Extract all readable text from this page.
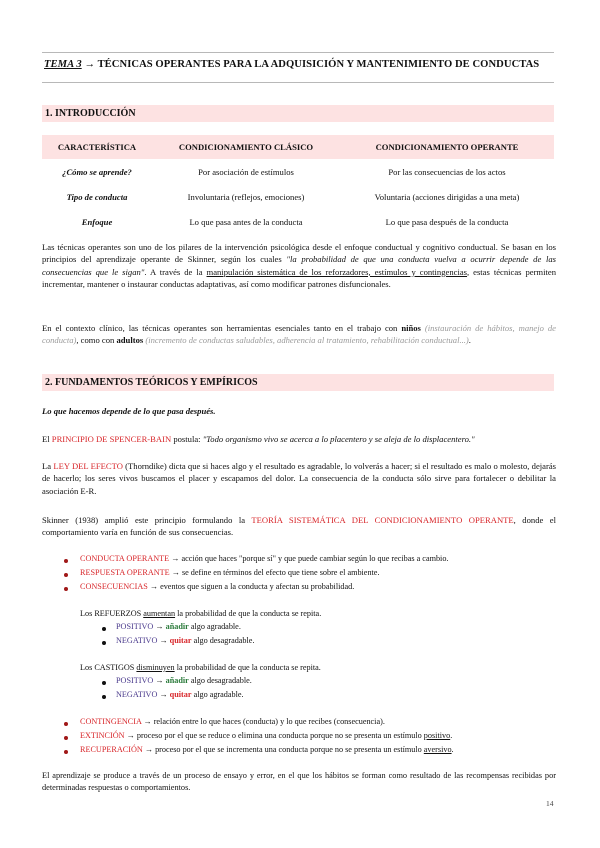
TEMA 3 → TÉCNICAS OPERANTES PARA LA ADQUISICIÓN Y MANTENIMIENTO DE CONDUCTAS
1. INTRODUCCIÓN
CARACTERÍSTICA	CONDICIONAMIENTO CLÁSICO	CONDICIONAMIENTO OPERANTE
¿Cómo se aprende?	Por asociación de estímulos	Por las consecuencias de los actos
Tipo de conducta	Involuntaria (reflejos, emociones)	Voluntaria (acciones dirigidas a una meta)
Enfoque	Lo que pasa antes de la conducta	Lo que pasa después de la conducta
Las técnicas operantes son uno de los pilares de la intervención psicológica desde el enfoque conductual y cognitivo conductual. Se basan en los principios del aprendizaje operante de Skinner, según los cuales "la probabilidad de que una conducta vuelva a ocurrir depende de las consecuencias que le sigan". A través de la manipulación sistemática de los reforzadores, estímulos y contingencias, estas técnicas permiten incrementar, mantener o instaurar conductas adaptativas, así como modificar patrones disfuncionales.
En el contexto clínico, las técnicas operantes son herramientas esenciales tanto en el trabajo con niños (instauración de hábitos, manejo de conducta), como con adultos (incremento de conductas saludables, adherencia al tratamiento, rehabilitación conductual...).
2. FUNDAMENTOS TEÓRICOS Y EMPÍRICOS
Lo que hacemos depende de lo que pasa después.
El PRINCIPIO DE SPENCER-BAIN postula: "Todo organismo vivo se acerca a lo placentero y se aleja de lo displacentero."
La LEY DEL EFECTO (Thorndike) dicta que si haces algo y el resultado es agradable, lo volverás a hacer; si el resultado es malo o molesto, dejarás de hacerlo; los seres vivos buscamos el placer y escapamos del dolor. La consecuencia de la conducta sólo sirve para fortalecer o debilitar la asociación E-R.
Skinner (1938) amplió este principio formulando la TEORÍA SISTEMÁTICA DEL CONDICIONAMIENTO OPERANTE, donde el comportamiento varía en función de sus consecuencias.
CONDUCTA OPERANTE → acción que haces "porque sí" y que puede cambiar según lo que recibas a cambio.
RESPUESTA OPERANTE → se define en términos del efecto que tiene sobre el ambiente.
CONSECUENCIAS → eventos que siguen a la conducta y afectan su probabilidad.
Los REFUERZOS aumentan la probabilidad de que la conducta se repita.
POSITIVO → añadir algo agradable.
NEGATIVO → quitar algo desagradable.
Los CASTIGOS disminuyen la probabilidad de que la conducta se repita.
POSITIVO → añadir algo desagradable.
NEGATIVO → quitar algo agradable.
CONTINGENCIA → relación entre lo que haces (conducta) y lo que recibes (consecuencia).
EXTINCIÓN → proceso por el que se reduce o elimina una conducta porque no se presenta un estímulo positivo.
RECUPERACIÓN → proceso por el que se incrementa una conducta porque no se presenta un estímulo aversivo.
El aprendizaje se produce a través de un proceso de ensayo y error, en el que los hábitos se forman como resultado de las recompensas recibidas por determinadas respuestas o comportamientos.
14
